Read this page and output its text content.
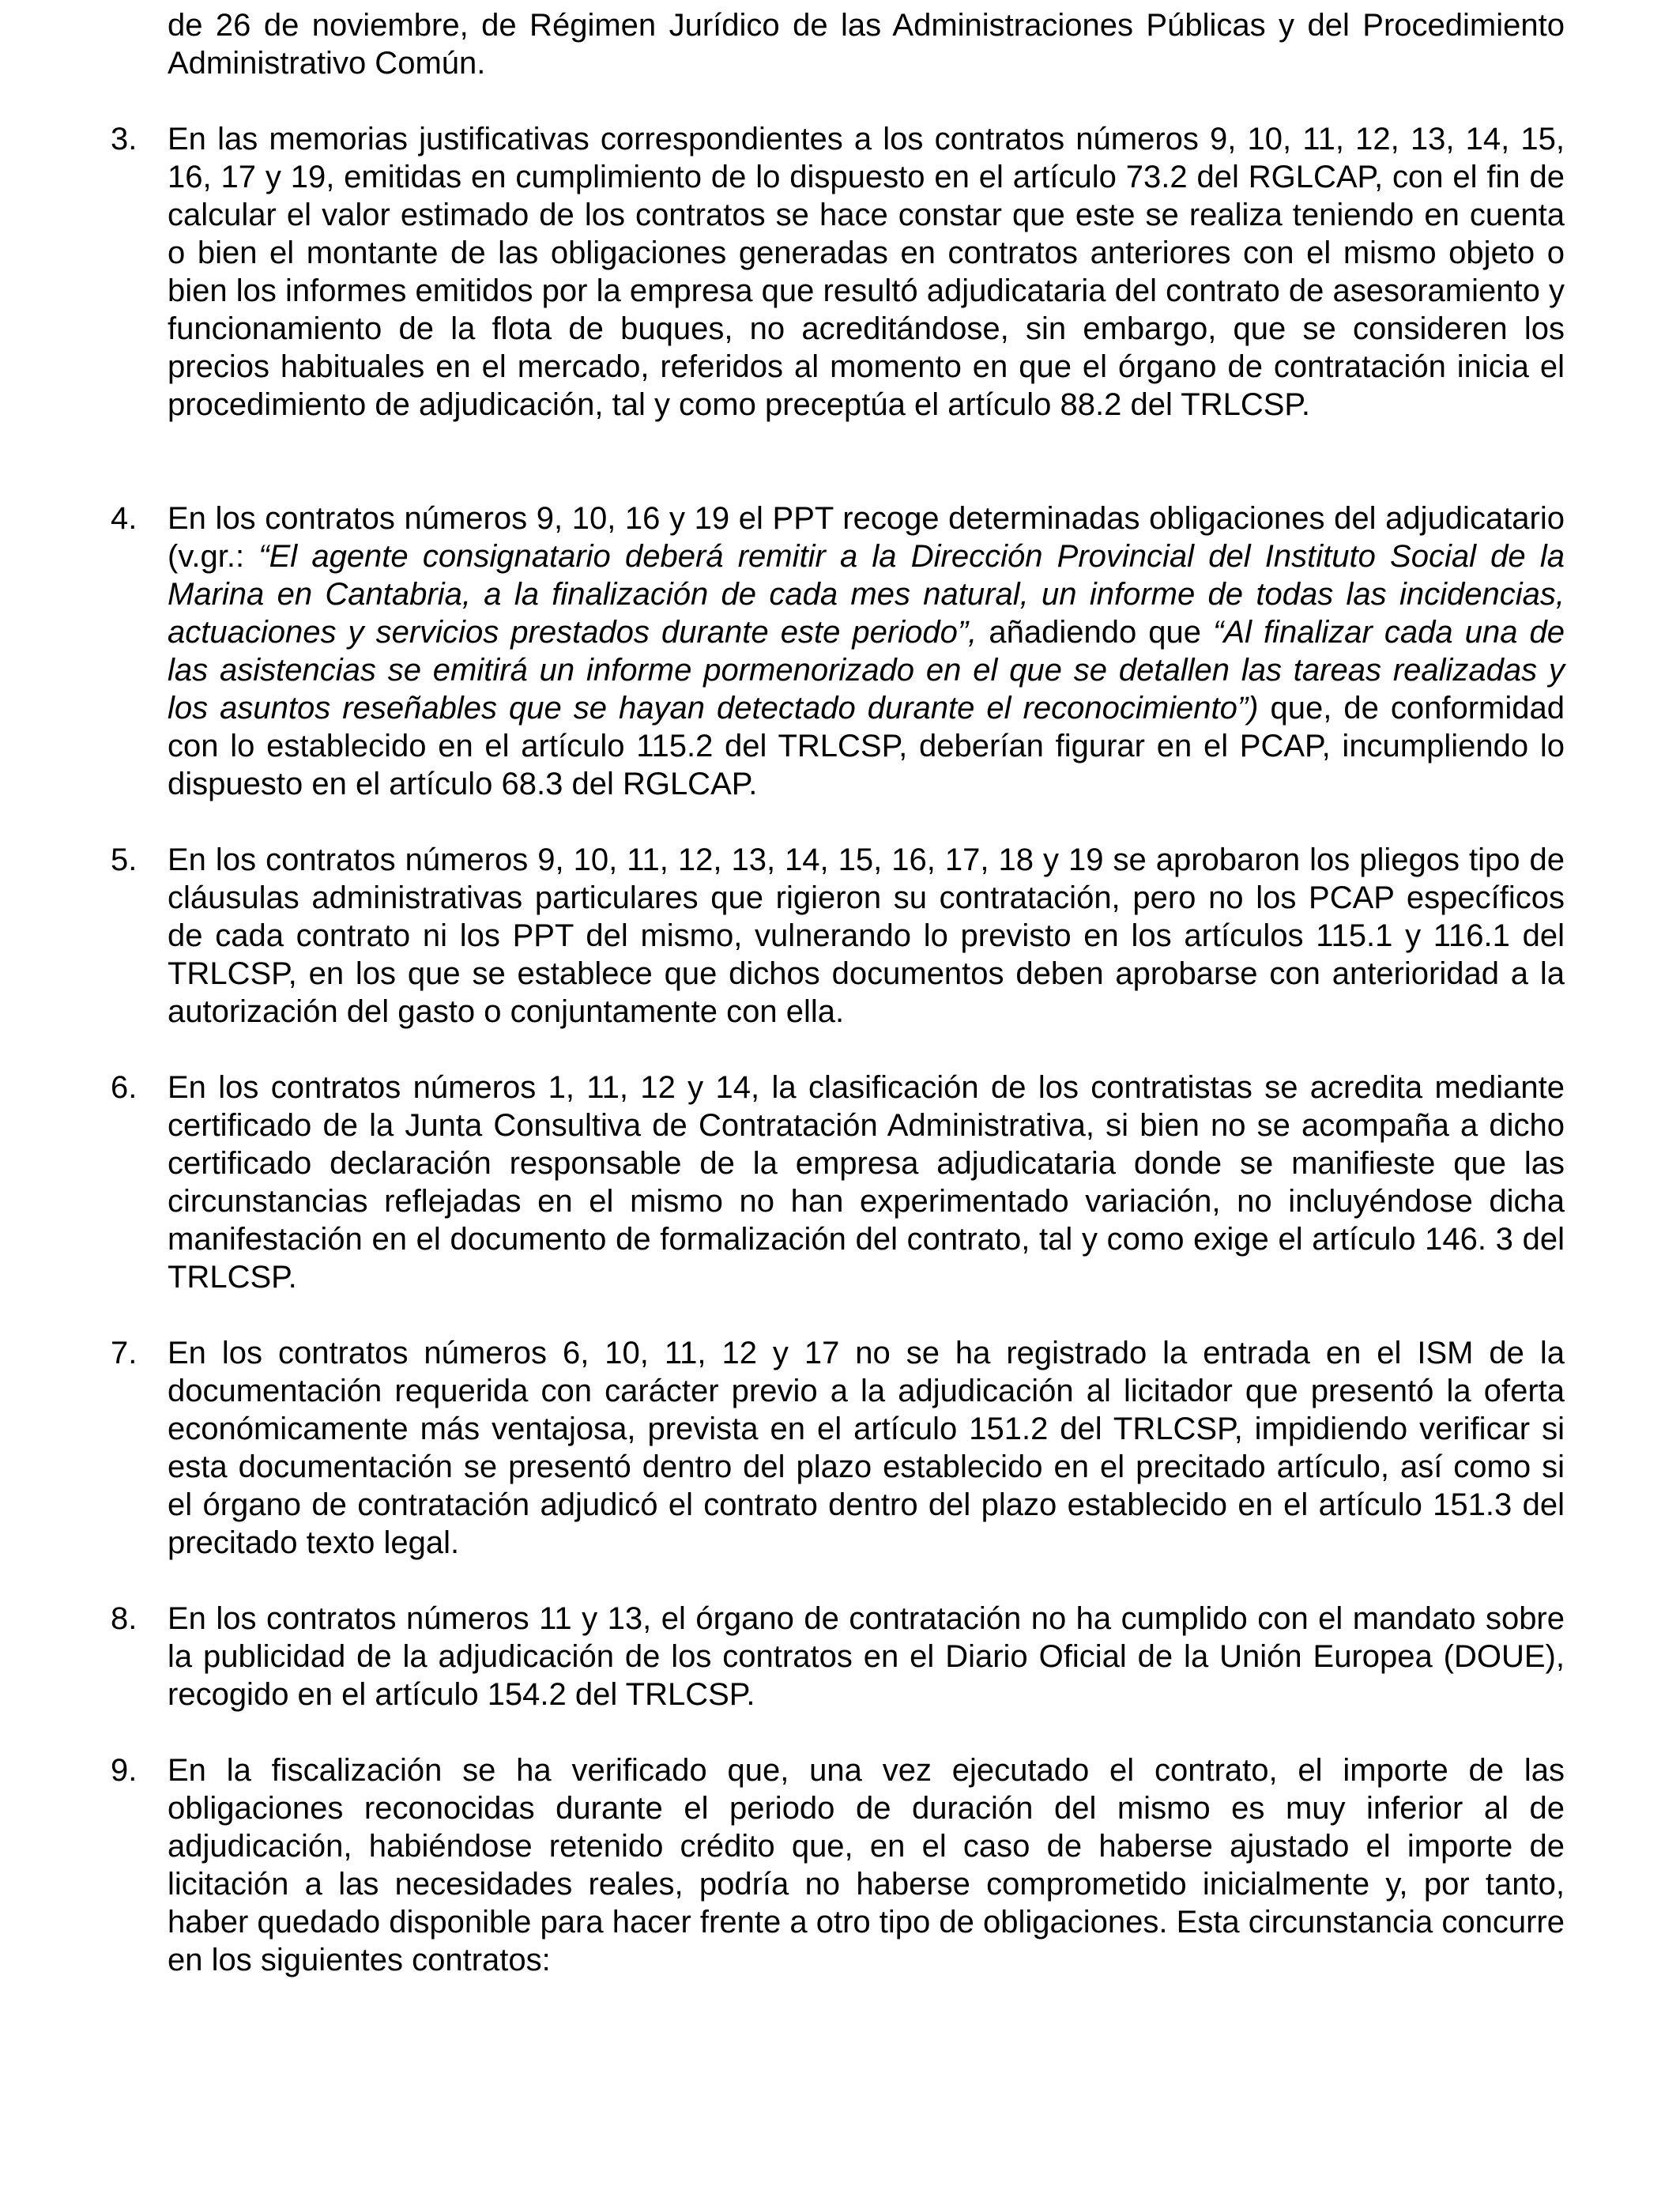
de 26 de noviembre, de Régimen Jurídico de las Administraciones Públicas y del Procedimiento Administrativo Común.

3. En las memorias justificativas correspondientes a los contratos números 9, 10, 11, 12, 13, 14, 15, 16, 17 y 19, emitidas en cumplimiento de lo dispuesto en el artículo 73.2 del RGLCAP, con el fin de calcular el valor estimado de los contratos se hace constar que este se realiza teniendo en cuenta o bien el montante de las obligaciones generadas en contratos anteriores con el mismo objeto o bien los informes emitidos por la empresa que resultó adjudicataria del contrato de asesoramiento y funcionamiento de la flota de buques, no acreditándose, sin embargo, que se consideren los precios habituales en el mercado, referidos al momento en que el órgano de contratación inicia el procedimiento de adjudicación, tal y como preceptúa el artículo 88.2 del TRLCSP.

4. En los contratos números 9, 10, 16 y 19 el PPT recoge determinadas obligaciones del adjudicatario (v.gr.: “El agente consignatario deberá remitir a la Dirección Provincial del Instituto Social de la Marina en Cantabria, a la finalización de cada mes natural, un informe de todas las incidencias, actuaciones y servicios prestados durante este periodo”, añadiendo que “Al finalizar cada una de las asistencias se emitirá un informe pormenorizado en el que se detallen las tareas realizadas y los asuntos reseñables que se hayan detectado durante el reconocimiento”) que, de conformidad con lo establecido en el artículo 115.2 del TRLCSP, deberían figurar en el PCAP, incumpliendo lo dispuesto en el artículo 68.3 del RGLCAP.

5. En los contratos números 9, 10, 11, 12, 13, 14, 15, 16, 17, 18 y 19 se aprobaron los pliegos tipo de cláusulas administrativas particulares que rigieron su contratación, pero no los PCAP específicos de cada contrato ni los PPT del mismo, vulnerando lo previsto en los artículos 115.1 y 116.1 del TRLCSP, en los que se establece que dichos documentos deben aprobarse con anterioridad a la autorización del gasto o conjuntamente con ella.

6. En los contratos números 1, 11, 12 y 14, la clasificación de los contratistas se acredita mediante certificado de la Junta Consultiva de Contratación Administrativa, si bien no se acompaña a dicho certificado declaración responsable de la empresa adjudicataria donde se manifieste que las circunstancias reflejadas en el mismo no han experimentado variación, no incluyéndose dicha manifestación en el documento de formalización del contrato, tal y como exige el artículo 146. 3 del TRLCSP.

7. En los contratos números 6, 10, 11, 12 y 17 no se ha registrado la entrada en el ISM de la documentación requerida con carácter previo a la adjudicación al licitador que presentó la oferta económicamente más ventajosa, prevista en el artículo 151.2 del TRLCSP, impidiendo verificar si esta documentación se presentó dentro del plazo establecido en el precitado artículo, así como si el órgano de contratación adjudicó el contrato dentro del plazo establecido en el artículo 151.3 del precitado texto legal.

8. En los contratos números 11 y 13, el órgano de contratación no ha cumplido con el mandato sobre la publicidad de la adjudicación de los contratos en el Diario Oficial de la Unión Europea (DOUE), recogido en el artículo 154.2 del TRLCSP.

9. En la fiscalización se ha verificado que, una vez ejecutado el contrato, el importe de las obligaciones reconocidas durante el periodo de duración del mismo es muy inferior al de adjudicación, habiéndose retenido crédito que, en el caso de haberse ajustado el importe de licitación a las necesidades reales, podría no haberse comprometido inicialmente y, por tanto, haber quedado disponible para hacer frente a otro tipo de obligaciones. Esta circunstancia concurre en los siguientes contratos:
